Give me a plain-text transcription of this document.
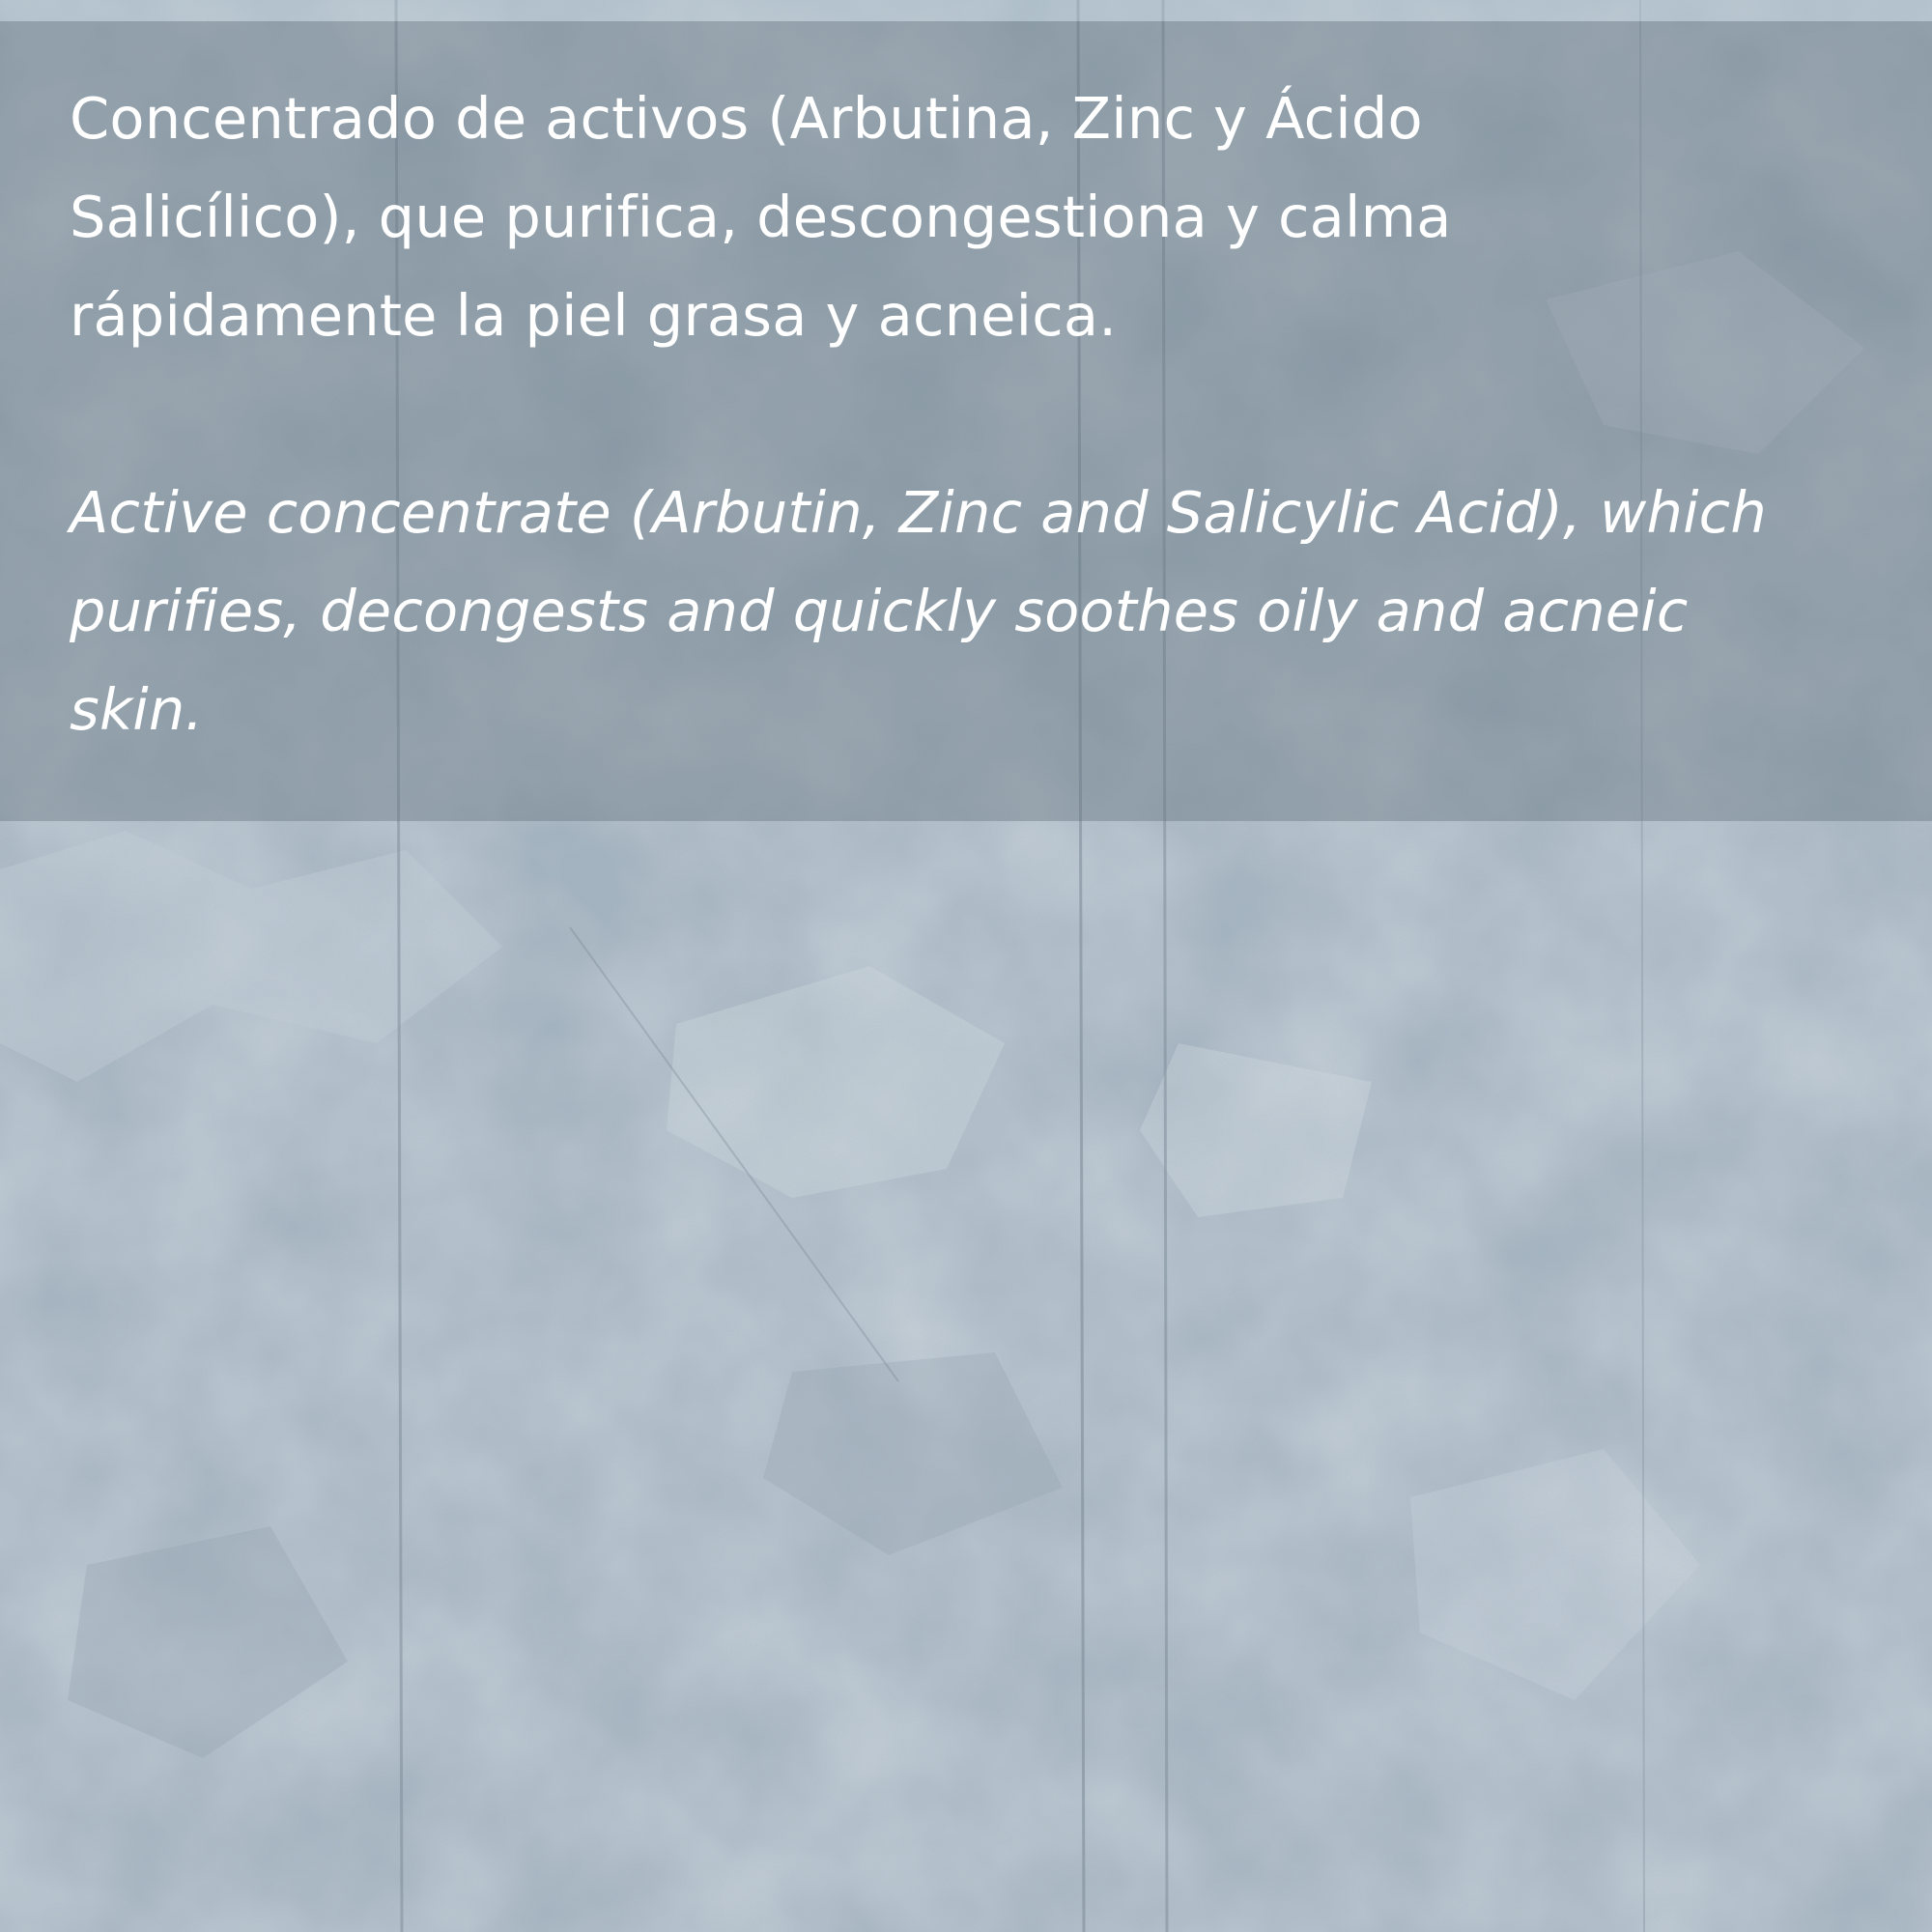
Concentrado de activos (Arbutina, Zinc y Ácido Salicílico), que purifica, descongestiona y calma rápidamente la piel grasa y acneica.

Active concentrate (Arbutin, Zinc and Salicylic Acid), which purifies, decongests and quickly soothes oily and acneic skin.
